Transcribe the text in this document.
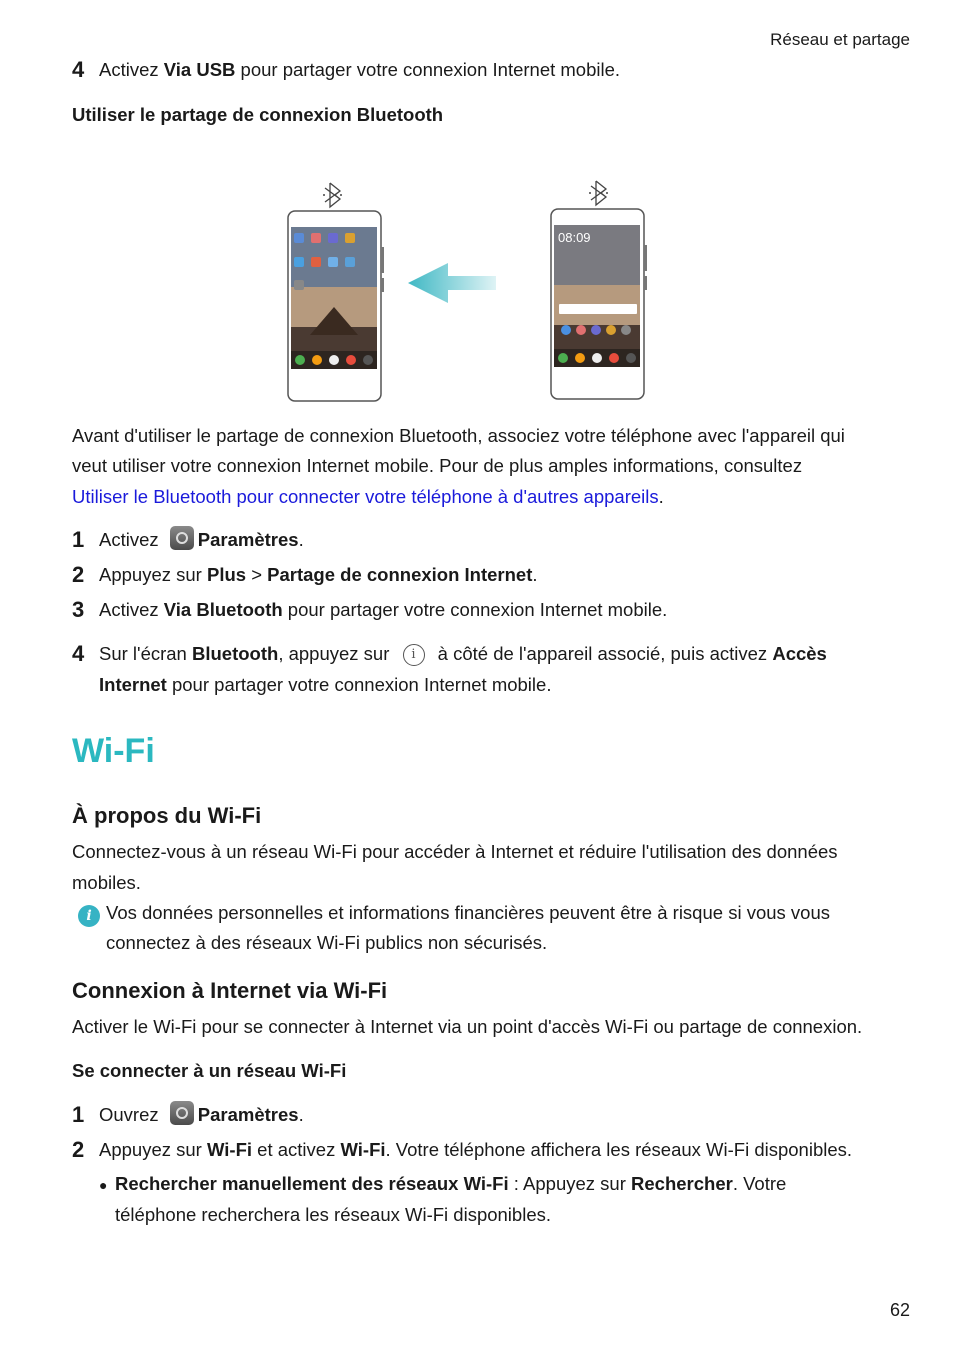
Réseau et partage
4 Activez Via USB pour partager votre connexion Internet mobile.
Utiliser le partage de connexion Bluetooth
08:09
Avant d'utiliser le partage de connexion Bluetooth, associez votre téléphone avec l'appareil qui
veut utiliser votre connexion Internet mobile. Pour de plus amples informations, consultez
Utiliser le Bluetooth pour connecter votre téléphone à d'autres appareils.
1 Activez Paramètres.
2 Appuyez sur Plus > Partage de connexion Internet.
3 Activez Via Bluetooth pour partager votre connexion Internet mobile.
4 Sur l'écran Bluetooth, appuyez sur i à côté de l'appareil associé, puis activez Accès
Internet pour partager votre connexion Internet mobile.
Wi-Fi
À propos du Wi-Fi
Connectez-vous à un réseau Wi-Fi pour accéder à Internet et réduire l'utilisation des données
mobiles.
i Vos données personnelles et informations financières peuvent être à risque si vous vous
connectez à des réseaux Wi-Fi publics non sécurisés.
Connexion à Internet via Wi-Fi
Activer le Wi-Fi pour se connecter à Internet via un point d'accès Wi-Fi ou partage de connexion.
Se connecter à un réseau Wi-Fi
1 Ouvrez Paramètres.
2 Appuyez sur Wi-Fi et activez Wi-Fi. Votre téléphone affichera les réseaux Wi-Fi disponibles.
● Rechercher manuellement des réseaux Wi-Fi : Appuyez sur Rechercher. Votre
téléphone recherchera les réseaux Wi-Fi disponibles.
62
